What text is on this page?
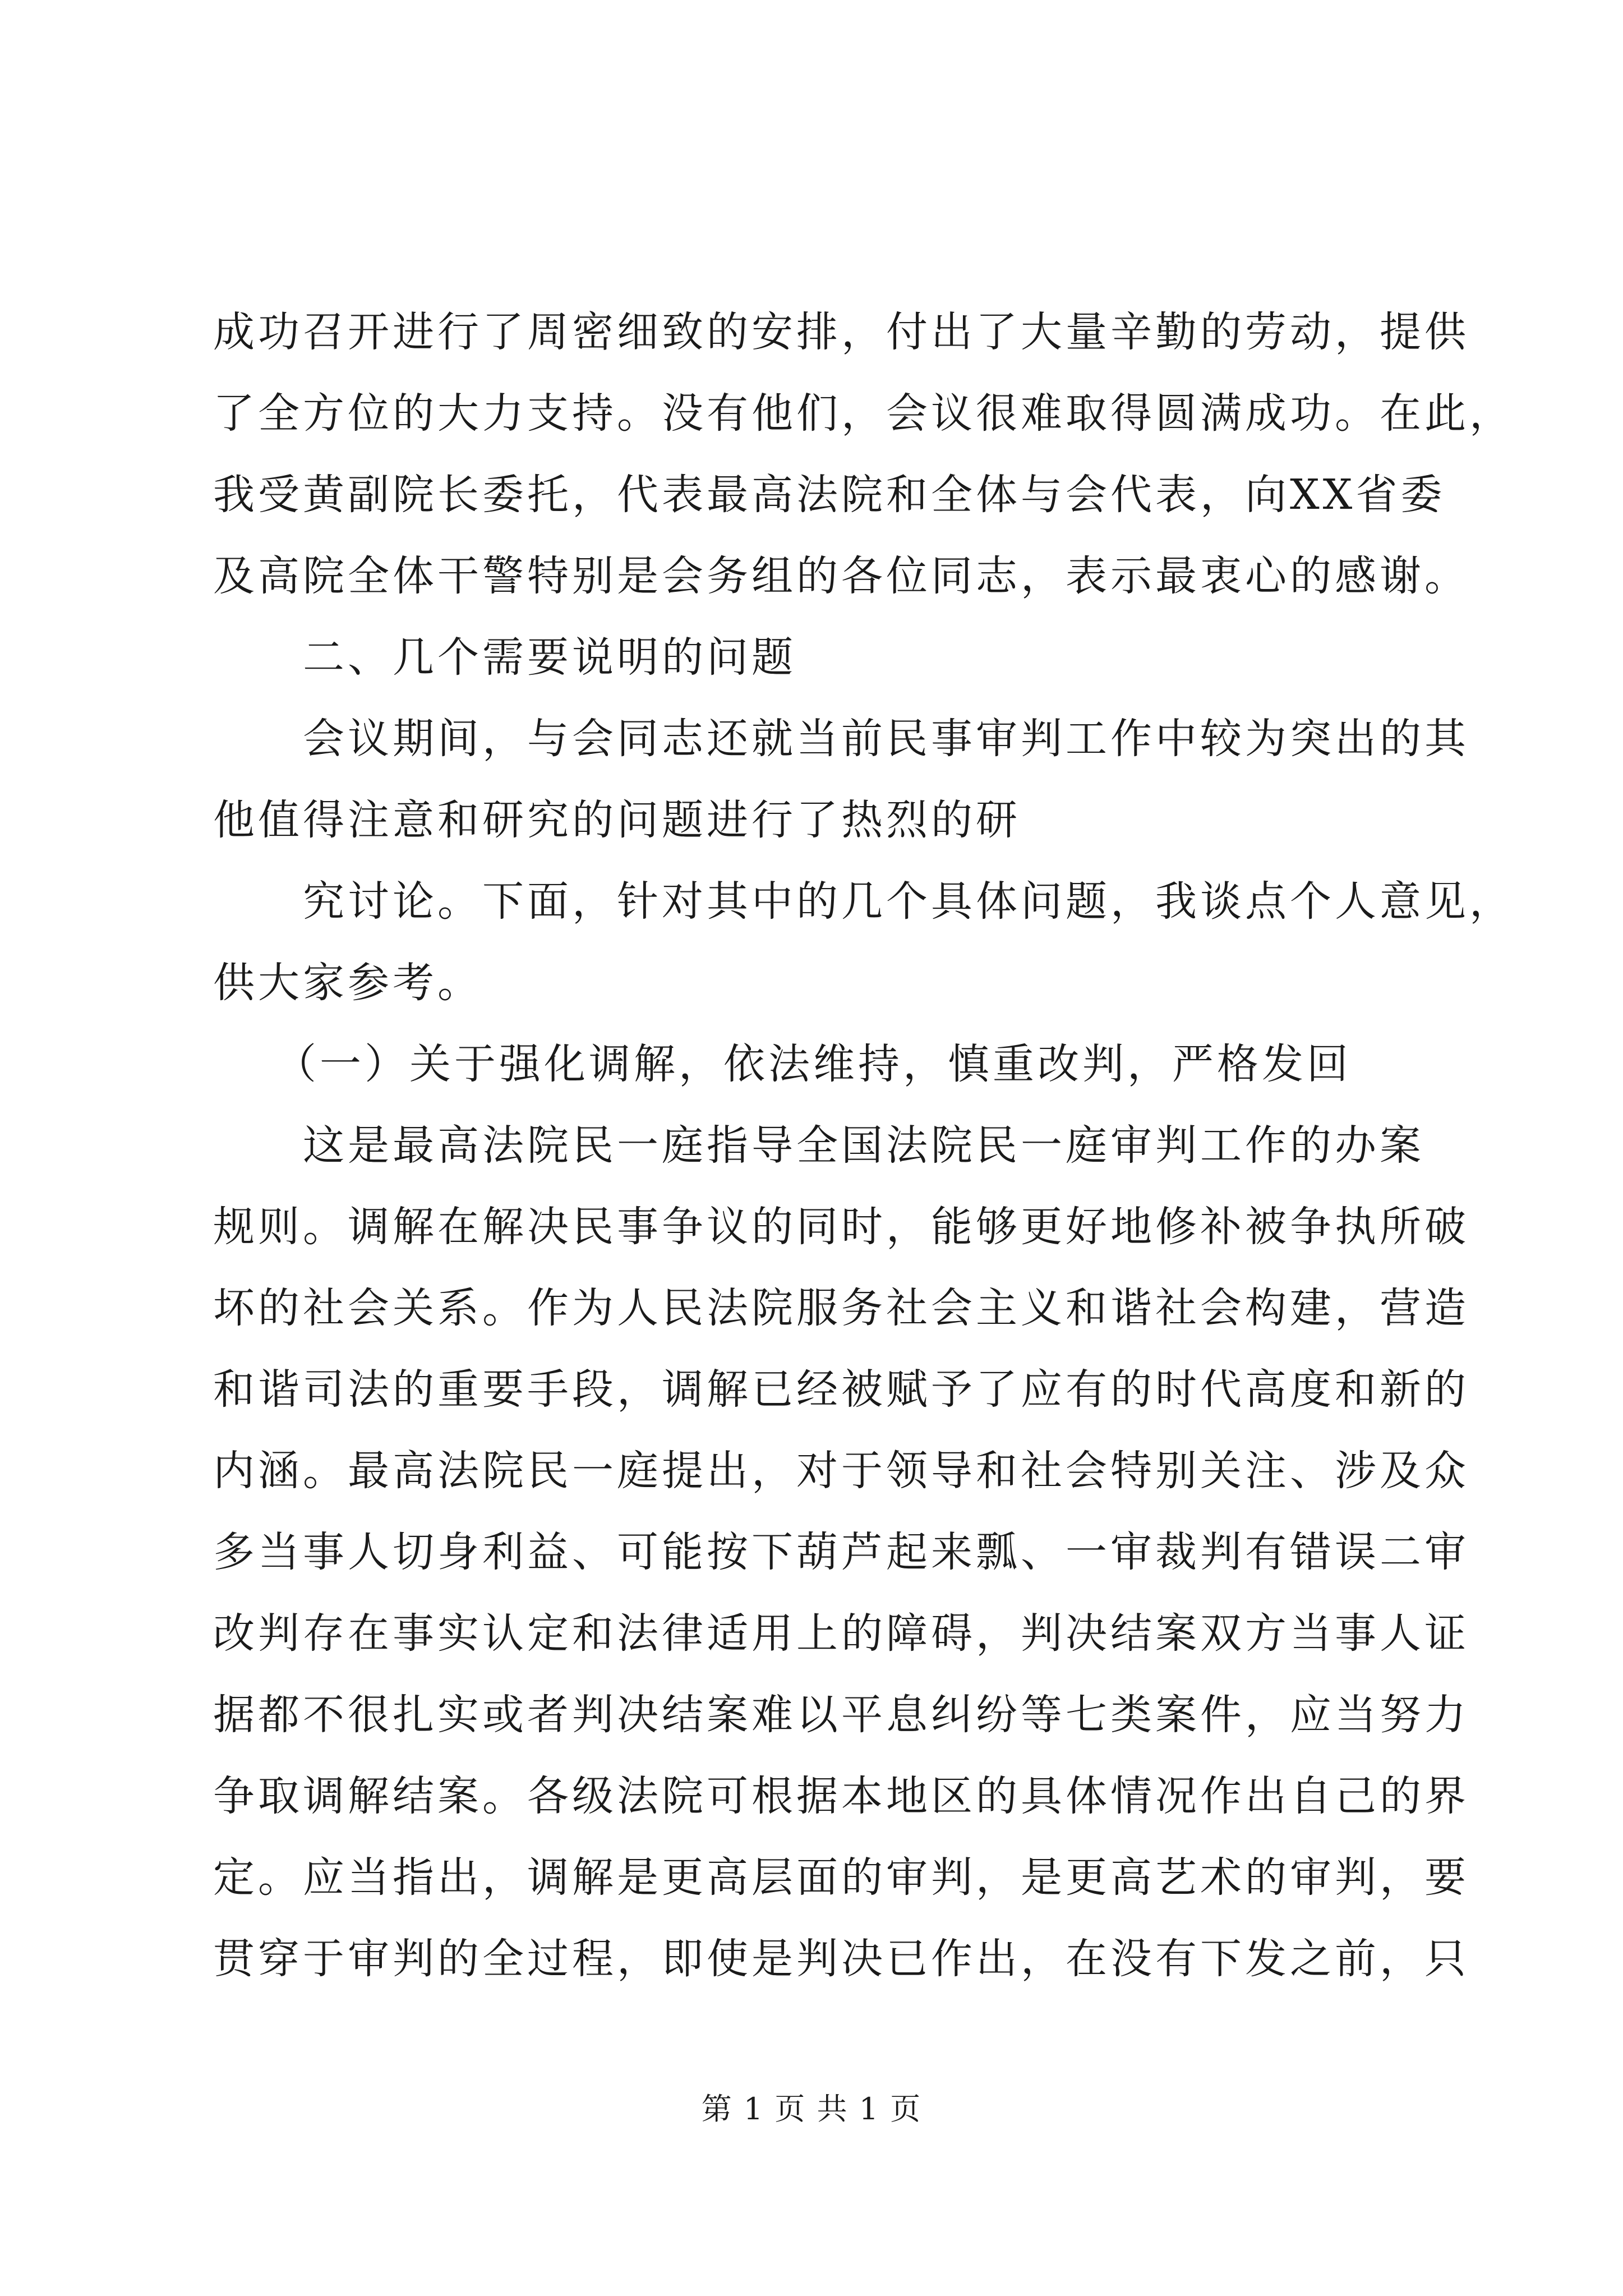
成功召开进行了周密细致的安排，付出了大量辛勤的劳动，提供
了全方位的大力支持。没有他们，会议很难取得圆满成功。在此，
我受黄副院长委托，代表最高法院和全体与会代表，向XX省委
及高院全体干警特别是会务组的各位同志，表示最衷心的感谢。
二、几个需要说明的问题
会议期间，与会同志还就当前民事审判工作中较为突出的其
他值得注意和研究的问题进行了热烈的研
究讨论。下面，针对其中的几个具体问题，我谈点个人意见，
供大家参考。
（一）关于强化调解，依法维持，慎重改判，严格发回
这是最高法院民一庭指导全国法院民一庭审判工作的办案
规则。调解在解决民事争议的同时，能够更好地修补被争执所破
坏的社会关系。作为人民法院服务社会主义和谐社会构建，营造
和谐司法的重要手段，调解已经被赋予了应有的时代高度和新的
内涵。最高法院民一庭提出，对于领导和社会特别关注、涉及众
多当事人切身利益、可能按下葫芦起来瓢、一审裁判有错误二审
改判存在事实认定和法律适用上的障碍，判决结案双方当事人证
据都不很扎实或者判决结案难以平息纠纷等七类案件，应当努力
争取调解结案。各级法院可根据本地区的具体情况作出自己的界
定。应当指出，调解是更高层面的审判，是更高艺术的审判，要
贯穿于审判的全过程，即使是判决已作出，在没有下发之前，只
第 1 页 共 1 页
